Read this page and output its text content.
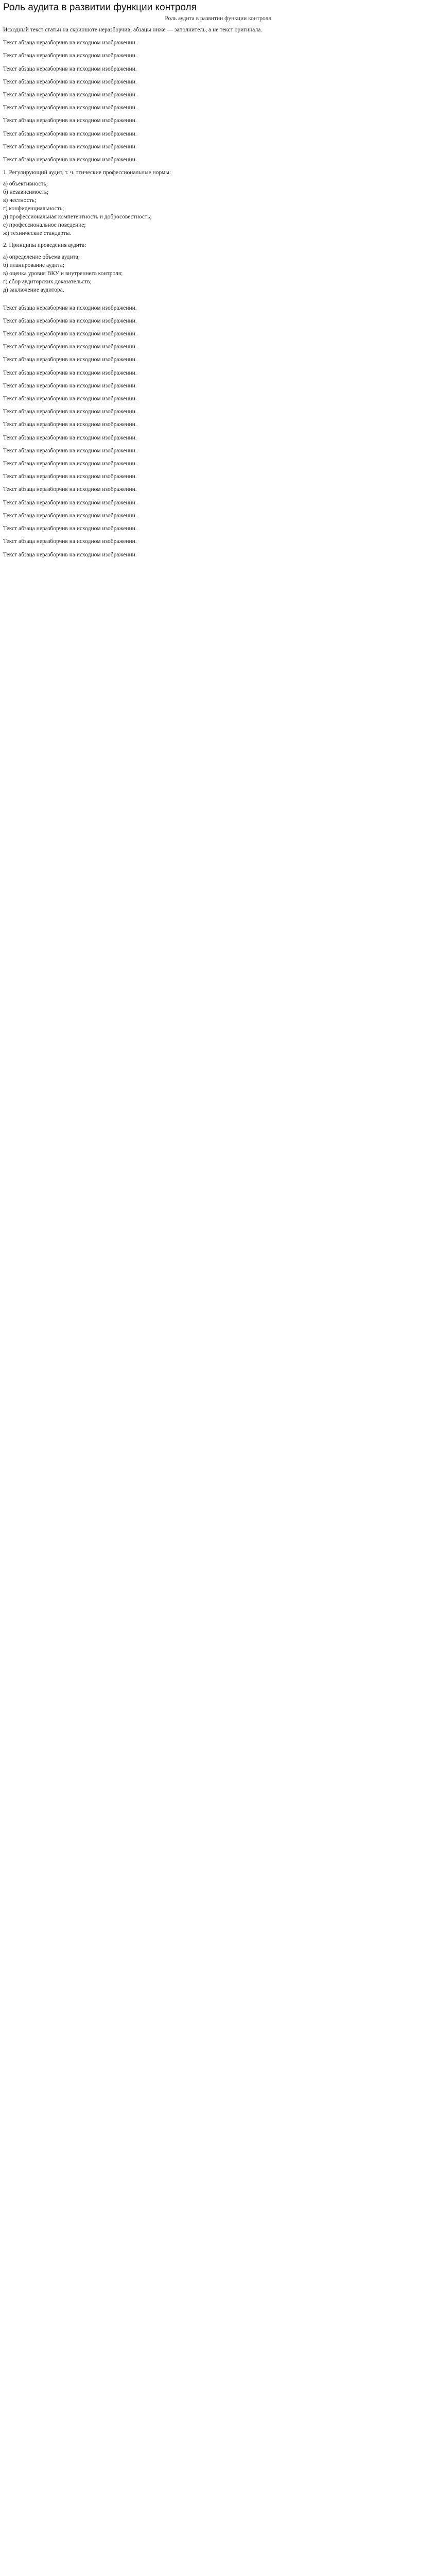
Роль аудита в развитии функции контроля
Роль аудита в развитии функции контроля

Исходный текст статьи на скриншоте неразборчив; абзацы ниже — заполнитель, а не текст оригинала.

Текст абзаца неразборчив на исходном изображении.

Текст абзаца неразборчив на исходном изображении.

Текст абзаца неразборчив на исходном изображении.

Текст абзаца неразборчив на исходном изображении.

Текст абзаца неразборчив на исходном изображении.

Текст абзаца неразборчив на исходном изображении.

Текст абзаца неразборчив на исходном изображении.

Текст абзаца неразборчив на исходном изображении.

Текст абзаца неразборчив на исходном изображении.

Текст абзаца неразборчив на исходном изображении.

1. Регулирующий аудит, т. ч. этические профессиональные нормы:

а) объективность;
б) независимость;
в) честность;
г) конфиденциальность;
д) профессиональная компетентность и добросовестность;
е) профессиональное поведение;
ж) технические стандарты.

2. Принципы проведения аудита:

а) определение объема аудита;
б) планирование аудита;
в) оценка уровня ВКУ и внутреннего контроля;
г) сбор аудиторских доказательств;
д) заключение аудитора.

Текст абзаца неразборчив на исходном изображении.

Текст абзаца неразборчив на исходном изображении.

Текст абзаца неразборчив на исходном изображении.

Текст абзаца неразборчив на исходном изображении.

Текст абзаца неразборчив на исходном изображении.

Текст абзаца неразборчив на исходном изображении.

Текст абзаца неразборчив на исходном изображении.

Текст абзаца неразборчив на исходном изображении.

Текст абзаца неразборчив на исходном изображении.

Текст абзаца неразборчив на исходном изображении.

Текст абзаца неразборчив на исходном изображении.

Текст абзаца неразборчив на исходном изображении.

Текст абзаца неразборчив на исходном изображении.

Текст абзаца неразборчив на исходном изображении.

Текст абзаца неразборчив на исходном изображении.

Текст абзаца неразборчив на исходном изображении.

Текст абзаца неразборчив на исходном изображении.

Текст абзаца неразборчив на исходном изображении.

Текст абзаца неразборчив на исходном изображении.

Текст абзаца неразборчив на исходном изображении.
